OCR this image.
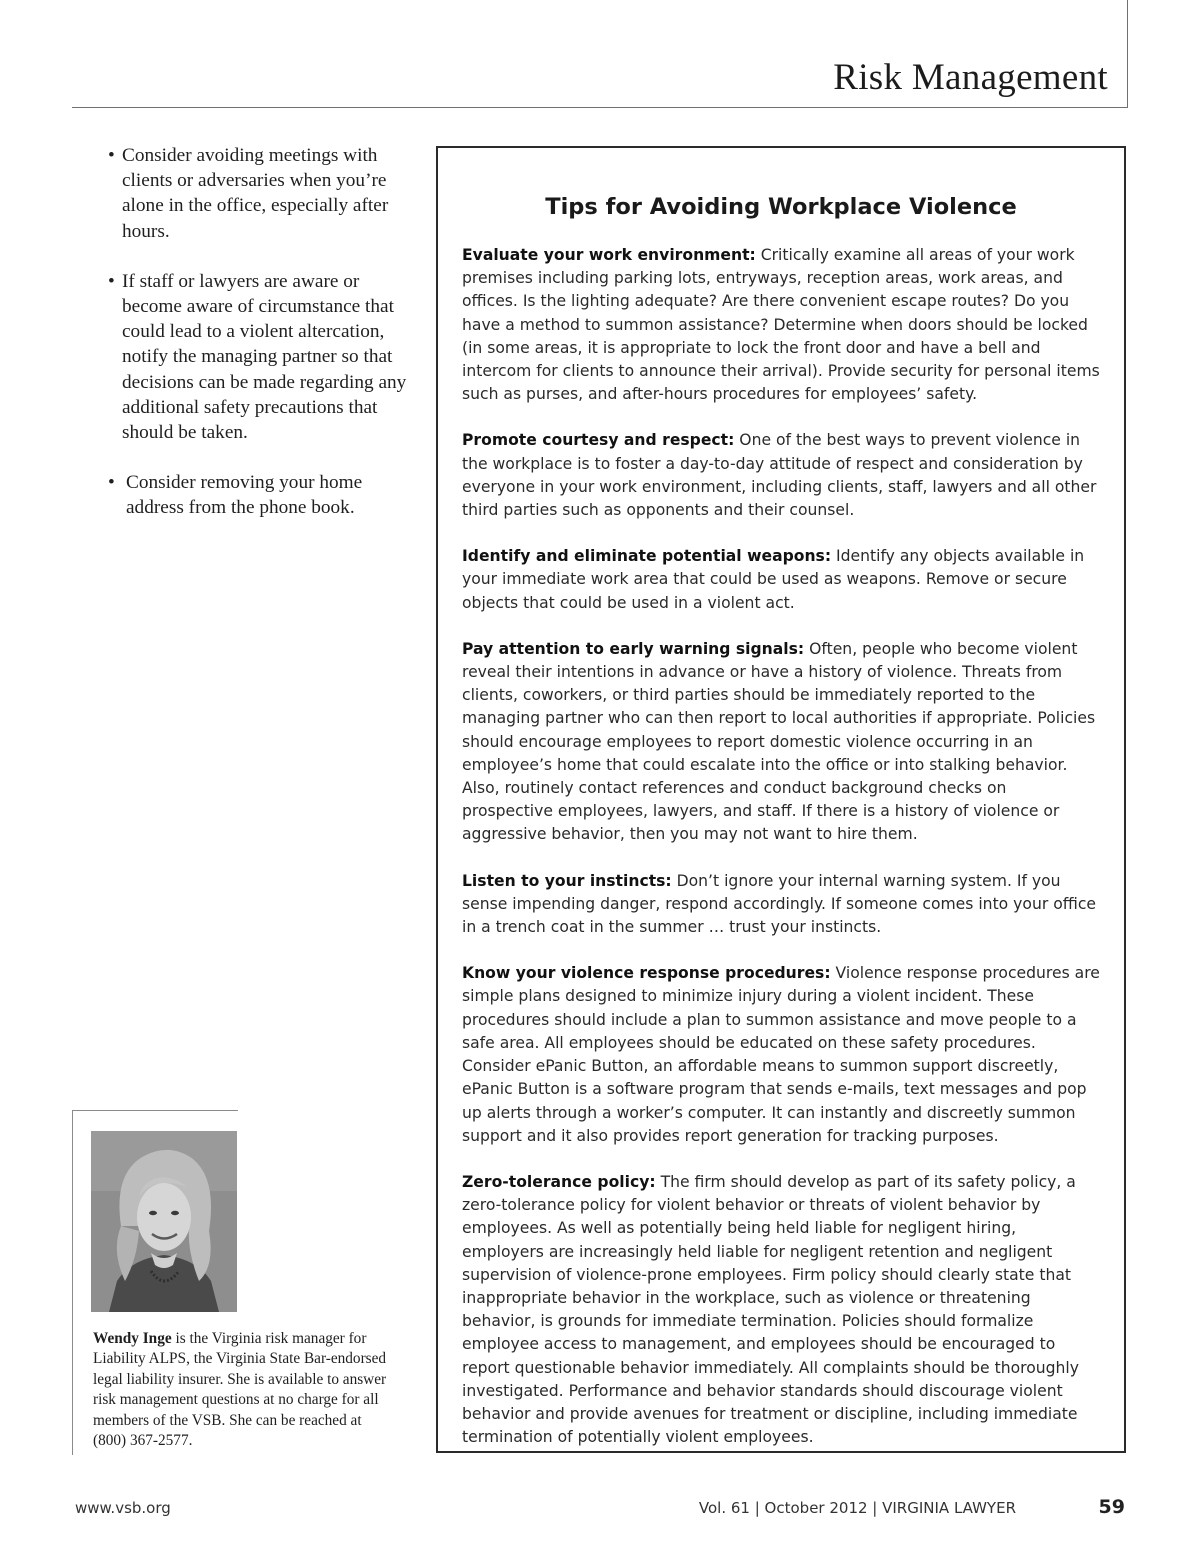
Risk Management
• Consider avoiding meetings with clients or adversaries when you’re alone in the office, especially after hours.
• If staff or lawyers are aware or become aware of circumstance that could lead to a violent altercation, notify the managing partner so that decisions can be made regarding any additional safety precautions that should be taken.
• Consider removing your home address from the phone book.
Tips for Avoiding Workplace Violence

Evaluate your work environment: Critically examine all areas of your work premises including parking lots, entryways, reception areas, work areas, and offices. Is the lighting adequate? Are there convenient escape routes? Do you have a method to summon assistance? Determine when doors should be locked (in some areas, it is appropriate to lock the front door and have a bell and intercom for clients to announce their arrival). Provide security for personal items such as purses, and after-hours procedures for employees’ safety.

Promote courtesy and respect: One of the best ways to prevent violence in the workplace is to foster a day-to-day attitude of respect and consideration by everyone in your work environment, including clients, staff, lawyers and all other third parties such as opponents and their counsel.

Identify and eliminate potential weapons: Identify any objects available in your immediate work area that could be used as weapons. Remove or secure objects that could be used in a violent act.

Pay attention to early warning signals: Often, people who become violent reveal their intentions in advance or have a history of violence. Threats from clients, coworkers, or third parties should be immediately reported to the managing partner who can then report to local authorities if appropriate. Policies should encourage employees to report domestic violence occurring in an employee’s home that could escalate into the office or into stalking behavior. Also, routinely contact references and conduct background checks on prospective employees, lawyers, and staff. If there is a history of violence or aggressive behavior, then you may not want to hire them.

Listen to your instincts: Don’t ignore your internal warning system. If you sense impending danger, respond accordingly. If someone comes into your office in a trench coat in the summer … trust your instincts.

Know your violence response procedures: Violence response procedures are simple plans designed to minimize injury during a violent incident. These procedures should include a plan to summon assistance and move people to a safe area. All employees should be educated on these safety procedures. Consider ePanic Button, an affordable means to summon support discreetly, ePanic Button is a software program that sends e-mails, text messages and pop up alerts through a worker’s computer. It can instantly and discreetly summon support and it also provides report generation for tracking purposes.

Zero-tolerance policy: The firm should develop as part of its safety policy, a zero-tolerance policy for violent behavior or threats of violent behavior by employees. As well as potentially being held liable for negligent hiring, employers are increasingly held liable for negligent retention and negligent supervision of violence-prone employees. Firm policy should clearly state that inappropriate behavior in the workplace, such as violence or threatening behavior, is grounds for immediate termination. Policies should formalize employee access to management, and employees should be encouraged to report questionable behavior immediately. All complaints should be thoroughly investigated. Performance and behavior standards should discourage violent behavior and provide avenues for treatment or discipline, including immediate termination of potentially violent employees.

Wendy Inge is the Virginia risk manager for Liability ALPS, the Virginia State Bar-endorsed legal liability insurer. She is available to answer risk management questions at no charge for all members of the VSB. She can be reached at (800) 367-2577.
www.vsb.org	Vol. 61 | October 2012 | VIRGINIA LAWYER	59
